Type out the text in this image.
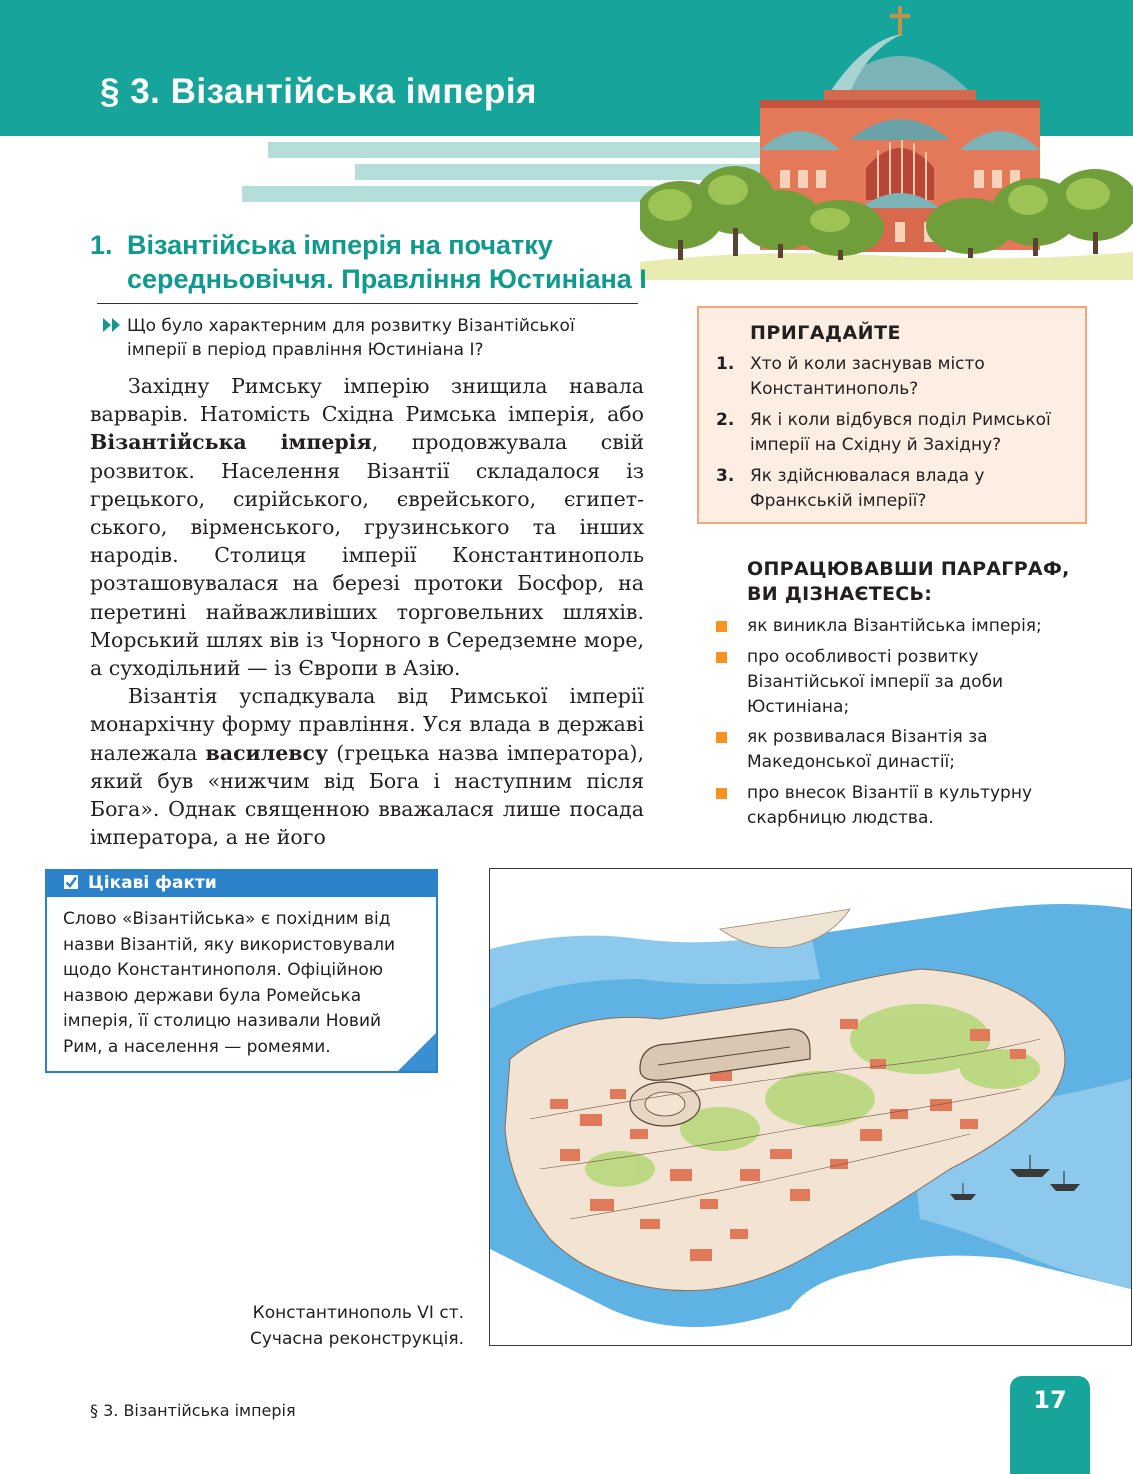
§ 3. Візантійська імперія
1. Візантійська імперія на початку середньовіччя. Правління Юстиніана І
Що було характерним для розвитку Візантійської імперії в період правління Юстиніана І?

Західну Римську імперію знищила навала варварів. Натомість Східна Римська імперія, або Візантійська імперія, продовжувала свій розвиток. Населення Візантії складалося із грецького, сирійського, єврейського, єгипетського, вірменського, грузинського та інших народів. Столиця імперії Константинополь розташовувалася на березі протоки Босфор, на перетині найважливіших торговельних шляхів. Морський шлях вів із Чорного в Середземне море, а суходільний — із Європи в Азію.

Візантія успадкувала від Римської імперії монархічну форму правління. Уся влада в державі належала василевсу (грецька назва імператора), який був «нижчим від Бога і наступним після Бога». Однак священною вважалася лише посада імператора, а не його

ПРИГАДАЙТЕ
1. Хто й коли заснував місто Константинополь?
2. Як і коли відбувся поділ Римської імперії на Східну й Західну?
3. Як здійснювалася влада у Франкській імперії?
ОПРАЦЮВАВШИ ПАРАГРАФ, ВИ ДІЗНАЄТЕСЬ:
як виникла Візантійська імперія;
про особливості розвитку Візантійської імперії за доби Юстиніана;
як розвивалася Візантія за Македонської династії;
про внесок Візантії в культурну скарбницю людства.
Цікаві факти
Слово «Візантійська» є похідним від назви Візантій, яку використовували щодо Константинополя. Офіційною назвою держави була Ромейська імперія, її столицю називали Новий Рим, а населення — ромеями.
Константинополь VI ст.
Сучасна реконструкція.
§ 3. Візантійська імперія	17
